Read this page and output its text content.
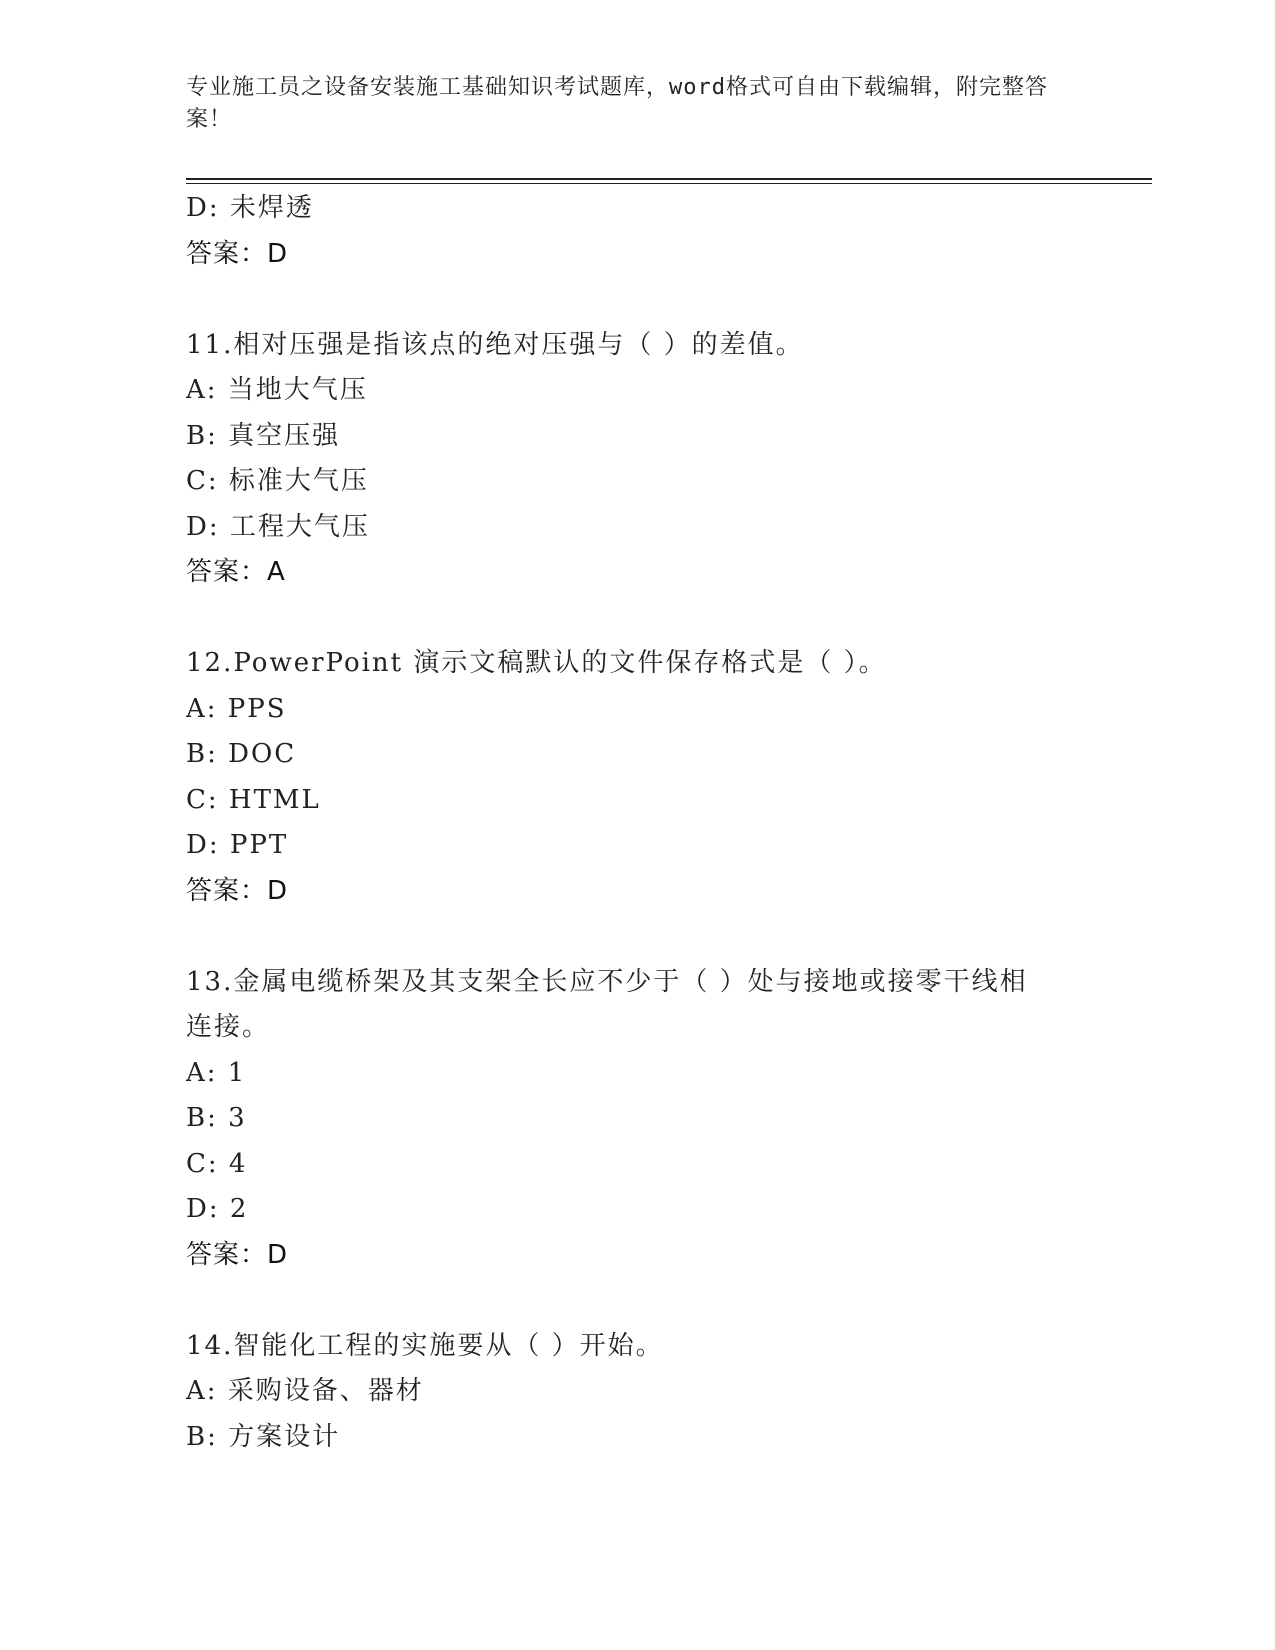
专业施工员之设备安装施工基础知识考试题库，word格式可自由下载编辑，附完整答案！
D: 未焊透
答案：D
11.相对压强是指该点的绝对压强与（ ）的差值。
A: 当地大气压
B: 真空压强
C: 标准大气压
D: 工程大气压
答案：A
12.PowerPoint 演示文稿默认的文件保存格式是（ ）。
A: PPS
B: DOC
C: HTML
D: PPT
答案：D
13.金属电缆桥架及其支架全长应不少于（ ）处与接地或接零干线相
连接。
A: 1
B: 3
C: 4
D: 2
答案：D
14.智能化工程的实施要从（ ）开始。
A: 采购设备、器材
B: 方案设计
